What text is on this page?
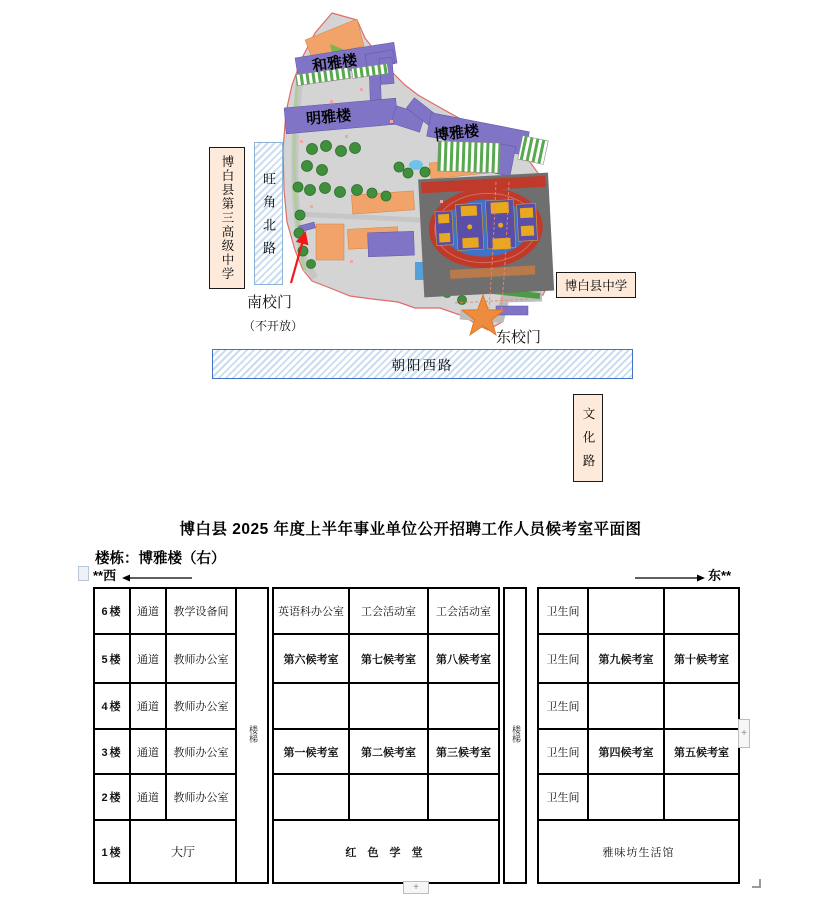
和雅楼
明雅楼
博雅楼
博白县第三高级中学 旺角北路
南校门
（不开放）
东校门
博白县中学
朝阳西路
文化路
博白县 2025 年度上半年事业单位公开招聘工作人员候考室平面图
楼栋：博雅楼（右）
**西	东**
6楼	通道	教学设备间	楼梯		英语科办公室	工会活动室	工会活动室		楼梯		卫生间		
5楼	通道	教师办公室			第六候考室	第七候考室	第八候考室				卫生间	第九候考室	第十候考室
4楼	通道	教师办公室									卫生间		
3楼	通道	教师办公室			第一候考室	第二候考室	第三候考室				卫生间	第四候考室	第五候考室
2楼	通道	教师办公室									卫生间		
1楼	大厅				红 色 学 堂						雅味坊生活馆		
+
+
